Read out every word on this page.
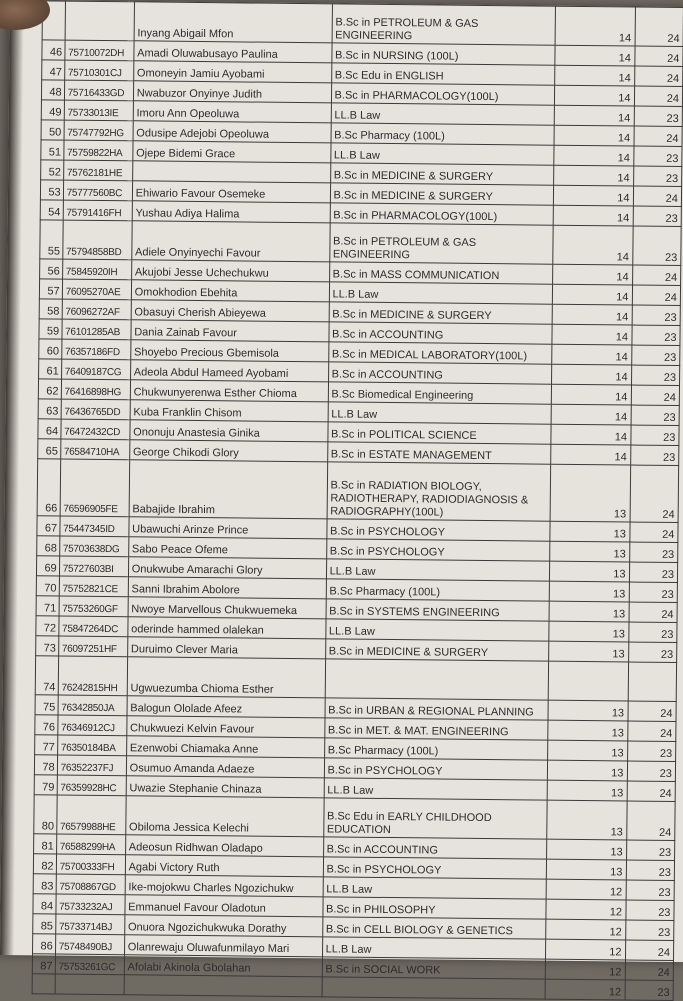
		Inyang Abigail Mfon	B.Sc in PETROLEUM & GAS ENGINEERING	14	24
46	75710072DH	Amadi Oluwabusayo Paulina	B.Sc in NURSING (100L)	14	24
47	75710301CJ	Omoneyin Jamiu Ayobami	B.Sc Edu in ENGLISH	14	24
48	75716433GD	Nwabuzor Onyinye Judith	B.Sc in PHARMACOLOGY(100L)	14	24
49	75733013IE	Imoru Ann Opeoluwa	LL.B Law	14	23
50	75747792HG	Odusipe Adejobi Opeoluwa	B.Sc Pharmacy (100L)	14	24
51	75759822HA	Ojepe Bidemi Grace	LL.B Law	14	23
52	75762181HE		B.Sc in MEDICINE & SURGERY	14	23
53	75777560BC	Ehiwario Favour Osemeke	B.Sc in MEDICINE & SURGERY	14	24
54	75791416FH	Yushau Adiya Halima	B.Sc in PHARMACOLOGY(100L)	14	23
55	75794858BD	Adiele Onyinyechi Favour	B.Sc in PETROLEUM & GAS ENGINEERING	14	23
56	75845920IH	Akujobi Jesse Uchechukwu	B.Sc in MASS COMMUNICATION	14	24
57	76095270AE	Omokhodion Ebehita	LL.B Law	14	24
58	76096272AF	Obasuyi Cherish Abieyewa	B.Sc in MEDICINE & SURGERY	14	23
59	76101285AB	Dania Zainab Favour	B.Sc in ACCOUNTING	14	23
60	76357186FD	Shoyebo Precious Gbemisola	B.Sc in MEDICAL LABORATORY(100L)	14	23
61	76409187CG	Adeola Abdul Hameed Ayobami	B.Sc in ACCOUNTING	14	23
62	76416898HG	Chukwunyerenwa Esther Chioma	B.Sc Biomedical Engineering	14	24
63	76436765DD	Kuba Franklin Chisom	LL.B Law	14	23
64	76472432CD	Ononuju Anastesia Ginika	B.Sc in POLITICAL SCIENCE	14	23
65	76584710HA	George Chikodi Glory	B.Sc in ESTATE MANAGEMENT	14	23
66	76596905FE	Babajide Ibrahim	B.Sc in RADIATION BIOLOGY, RADIOTHERAPY, RADIODIAGNOSIS & RADIOGRAPHY(100L)	13	24
67	75447345ID	Ubawuchi Arinze Prince	B.Sc in PSYCHOLOGY	13	24
68	75703638DG	Sabo Peace Ofeme	B.Sc in PSYCHOLOGY	13	23
69	75727603BI	Onukwube Amarachi Glory	LL.B Law	13	23
70	75752821CE	Sanni Ibrahim Abolore	B.Sc Pharmacy (100L)	13	23
71	75753260GF	Nwoye Marvellous Chukwuemeka	B.Sc in SYSTEMS ENGINEERING	13	24
72	75847264DC	oderinde hammed olalekan	LL.B Law	13	23
73	76097251HF	Duruimo Clever Maria	B.Sc in MEDICINE & SURGERY	13	23
74	76242815HH	Ugwuezumba Chioma Esther			
75	76342850JA	Balogun Ololade Afeez	B.Sc in URBAN & REGIONAL PLANNING	13	24
76	76346912CJ	Chukwuezi Kelvin Favour	B.Sc in MET. & MAT. ENGINEERING	13	24
77	76350184BA	Ezenwobi Chiamaka Anne	B.Sc Pharmacy (100L)	13	23
78	76352237FJ	Osumuo Amanda Adaeze	B.Sc in PSYCHOLOGY	13	23
79	76359928HC	Uwazie Stephanie Chinaza	LL.B Law	13	24
80	76579988HE	Obiloma Jessica Kelechi	B.Sc Edu in EARLY CHILDHOOD EDUCATION	13	24
81	76588299HA	Adeosun Ridhwan Oladapo	B.Sc in ACCOUNTING	13	23
82	75700333FH	Agabi Victory Ruth	B.Sc in PSYCHOLOGY	13	23
83	75708867GD	Ike-mojokwu Charles Ngozichukw	LL.B Law	12	23
84	75733232AJ	Emmanuel Favour Oladotun	B.Sc in PHILOSOPHY	12	23
85	75733714BJ	Onuora Ngozichukwuka Dorathy	B.Sc in CELL BIOLOGY & GENETICS	12	23
86	75748490BJ	Olanrewaju Oluwafunmilayo Mari	LL.B Law	12	24
87	75753261GC	Afolabi Akinola Gbolahan	B.Sc in SOCIAL WORK	12	24
				12	23
